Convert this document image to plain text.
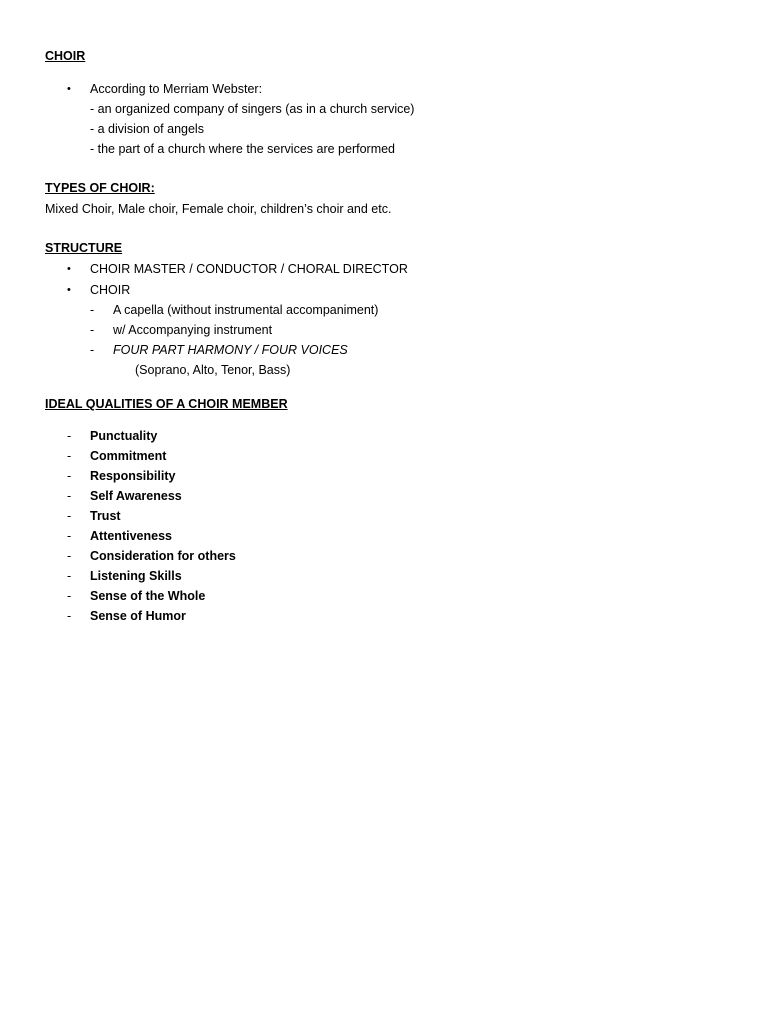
CHOIR
• According to Merriam Webster:
- an organized company of singers (as in a church service)
- a division of angels
- the part of a church where the services are performed
TYPES OF CHOIR:
Mixed Choir, Male choir, Female choir, children’s choir and etc.
STRUCTURE
• CHOIR MASTER / CONDUCTOR / CHORAL DIRECTOR
• CHOIR
- A capella (without instrumental accompaniment)
- w/ Accompanying instrument
- FOUR PART HARMONY / FOUR VOICES
(Soprano, Alto, Tenor, Bass)
IDEAL QUALITIES OF A CHOIR MEMBER
- Punctuality
- Commitment
- Responsibility
- Self Awareness
- Trust
- Attentiveness
- Consideration for others
- Listening Skills
- Sense of the Whole
- Sense of Humor
